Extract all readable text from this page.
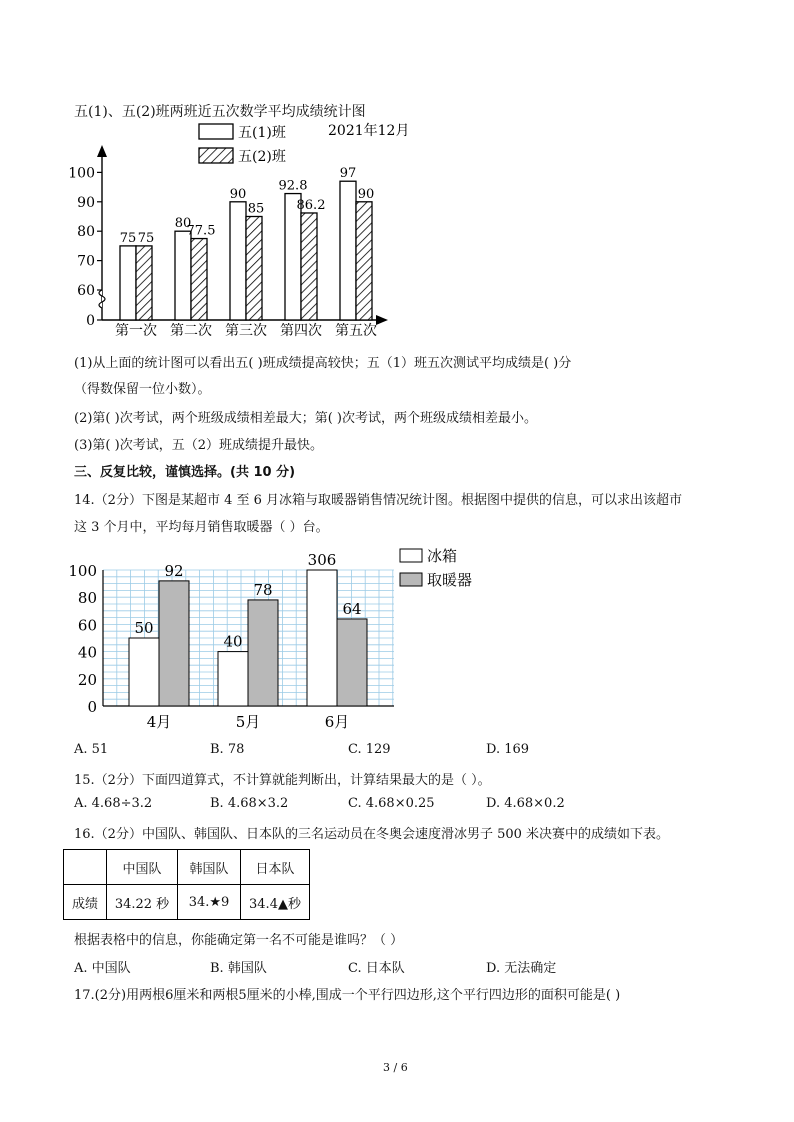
五(1)、五(2)班两班近五次数学平均成绩统计图
五(1)班
五(2)班
2021年12月
0
60
70
80
90
100
75 75
第一次
80
77.5
第二次
90
85
第三次
92.8
86.2
第四次
97
90
第五次
(1)从上面的统计图可以看出五( )班成绩提高较快；五（1）班五次测试平均成绩是( )分
（得数保留一位小数）。
(2)第( )次考试，两个班级成绩相差最大；第( )次考试，两个班级成绩相差最小。
(3)第( )次考试，五（2）班成绩提升最快。
三、反复比较，谨慎选择。(共 10 分)
14.（2分）下图是某超市 4 至 6 月冰箱与取暖器销售情况统计图。根据图中提供的信息，可以求出该超市
这 3 个月中，平均每月销售取暖器（ ）台。
0
20
40
60
80
100
50
92
4月
40
78
5月
306
64
6月
冰箱
取暖器
A. 51	B. 78	C. 129	D. 169
15.（2分）下面四道算式，不计算就能判断出，计算结果最大的是（ ）。
A. 4.68÷3.2	B. 4.68×3.2	C. 4.68×0.25	D. 4.68×0.2
16.（2分）中国队、韩国队、日本队的三名运动员在冬奥会速度滑冰男子 500 米决赛中的成绩如下表。
	中国队	韩国队	日本队
成绩	34.22 秒	34.★9	34.4▲秒
根据表格中的信息，你能确定第一名不可能是谁吗？（ ）
A. 中国队	B. 韩国队	C. 日本队	D. 无法确定
17.(2分)用两根6厘米和两根5厘米的小棒,围成一个平行四边形,这个平行四边形的面积可能是( )
3 / 6
